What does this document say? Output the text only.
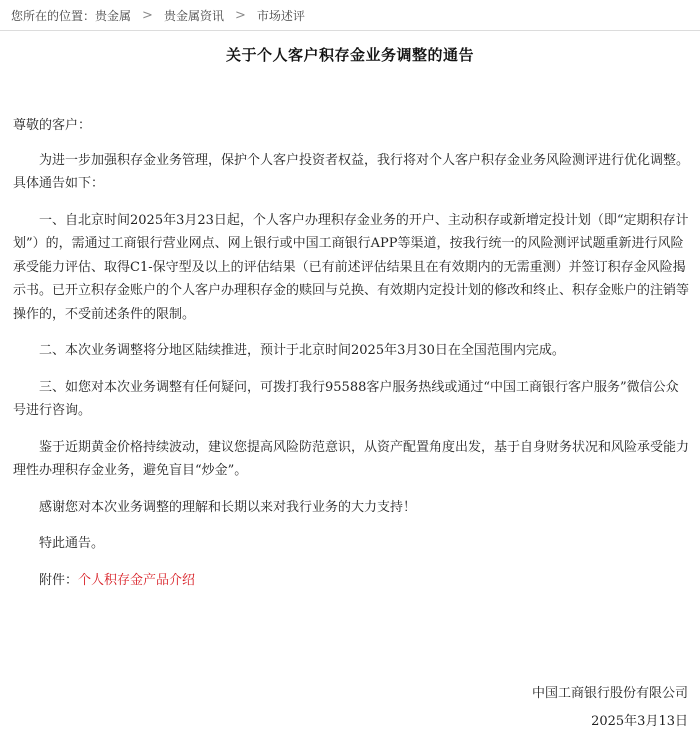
您所在的位置： 贵金属 > 贵金属资讯 > 市场述评
关于个人客户积存金业务调整的通告

尊敬的客户：

为进一步加强积存金业务管理，保护个人客户投资者权益，我行将对个人客户积存金业务风险测评进行优化调整。具体通告如下：

一、自北京时间2025年3月23日起，个人客户办理积存金业务的开户、主动积存或新增定投计划（即“定期积存计划”）的，需通过工商银行营业网点、网上银行或中国工商银行APP等渠道，按我行统一的风险测评试题重新进行风险承受能力评估、取得C1-保守型及以上的评估结果（已有前述评估结果且在有效期内的无需重测）并签订积存金风险揭示书。已开立积存金账户的个人客户办理积存金的赎回与兑换、有效期内定投计划的修改和终止、积存金账户的注销等操作的，不受前述条件的限制。

二、本次业务调整将分地区陆续推进，预计于北京时间2025年3月30日在全国范围内完成。

三、如您对本次业务调整有任何疑问，可拨打我行95588客户服务热线或通过“中国工商银行客户服务”微信公众号进行咨询。

鉴于近期黄金价格持续波动，建议您提高风险防范意识，从资产配置角度出发，基于自身财务状况和风险承受能力理性办理积存金业务，避免盲目“炒金”。

感谢您对本次业务调整的理解和长期以来对我行业务的大力支持！

特此通告。

附件：个人积存金产品介绍

中国工商银行股份有限公司
2025年3月13日
